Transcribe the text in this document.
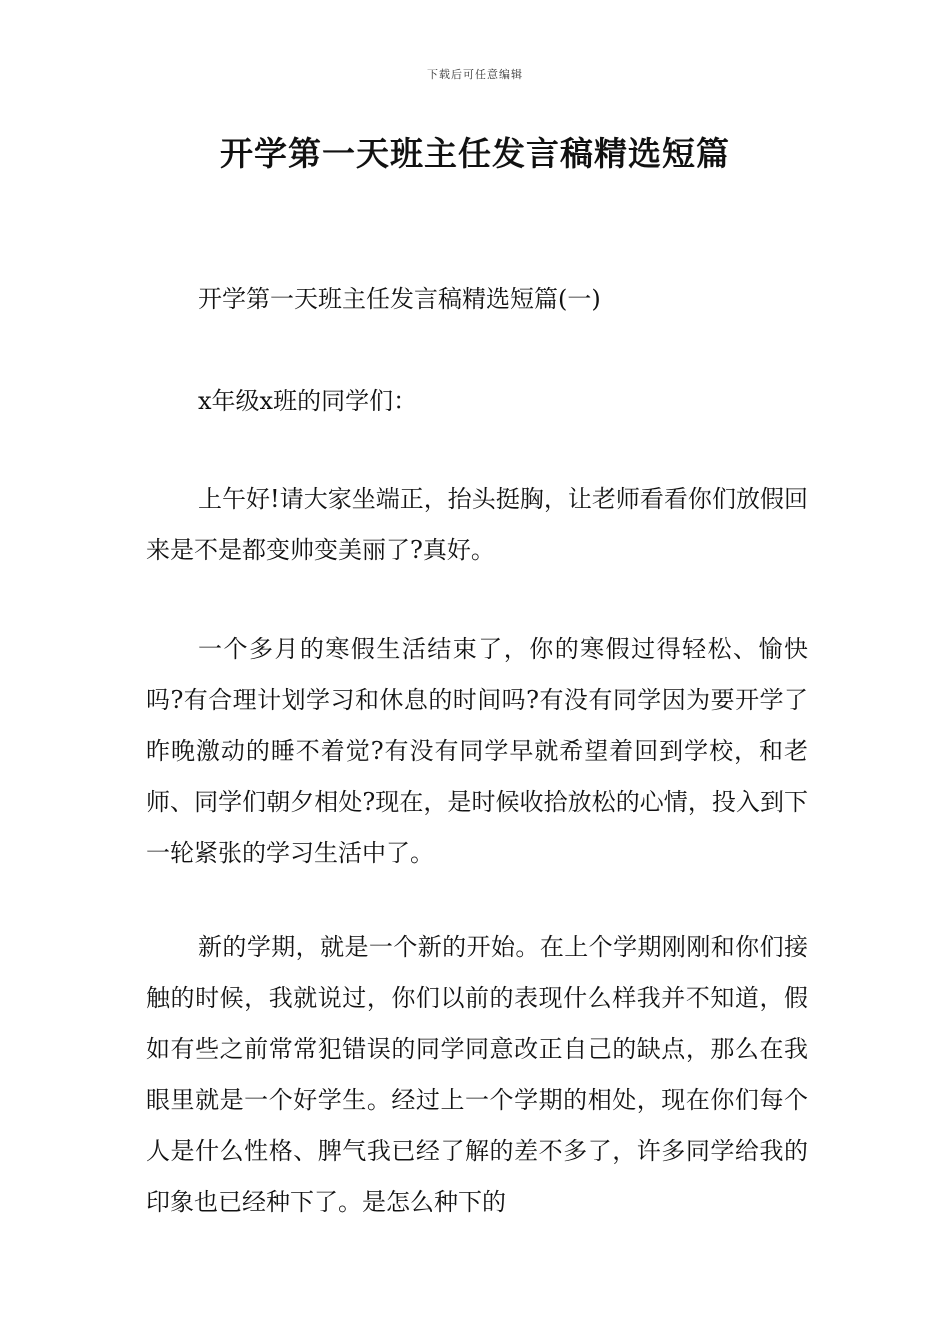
下载后可任意编辑
开学第一天班主任发言稿精选短篇

开学第一天班主任发言稿精选短篇(一)

x年级x班的同学们：

上午好!请大家坐端正，抬头挺胸，让老师看看你们放假回来是不是都变帅变美丽了?真好。

一个多月的寒假生活结束了，你的寒假过得轻松、愉快吗?有合理计划学习和休息的时间吗?有没有同学因为要开学了昨晚激动的睡不着觉?有没有同学早就希望着回到学校，和老师、同学们朝夕相处?现在，是时候收拾放松的心情，投入到下一轮紧张的学习生活中了。

新的学期，就是一个新的开始。在上个学期刚刚和你们接触的时候，我就说过，你们以前的表现什么样我并不知道，假如有些之前常常犯错误的同学同意改正自己的缺点，那么在我眼里就是一个好学生。经过上一个学期的相处，现在你们每个人是什么性格、脾气我已经了解的差不多了，许多同学给我的印象也已经种下了。是怎么种下的
